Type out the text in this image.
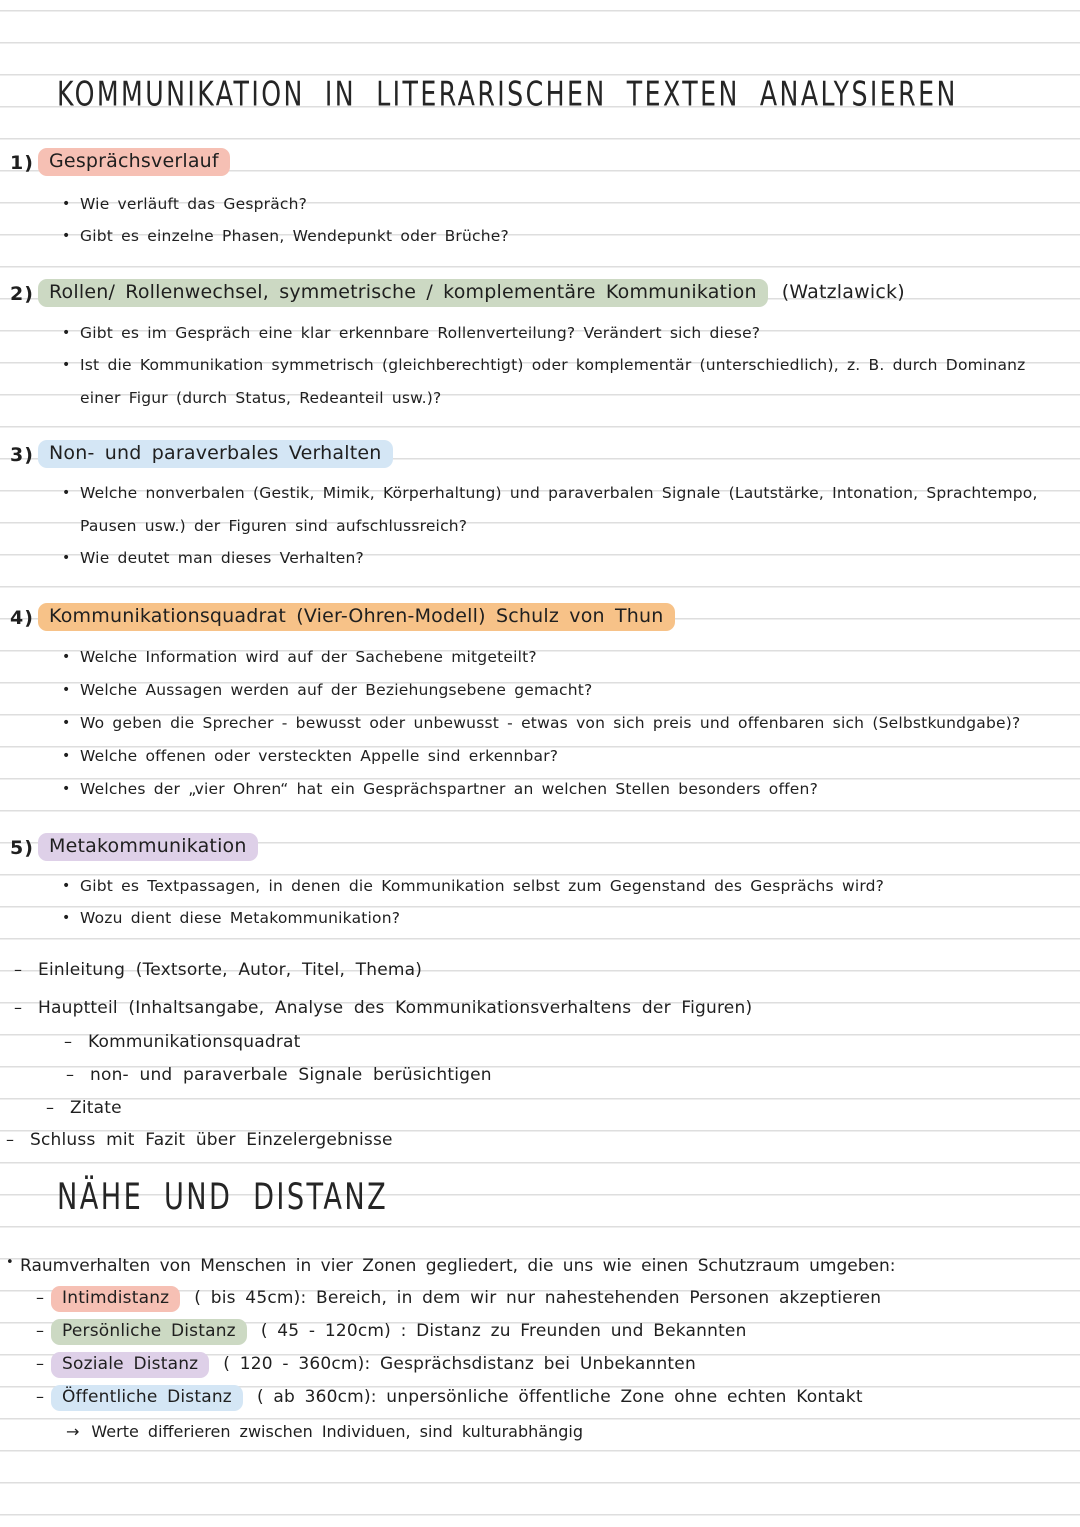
KOMMUNIKATION IN LITERARISCHEN TEXTEN ANALYSIEREN
1) Gesprächsverlauf
• Wie verläuft das Gespräch?
• Gibt es einzelne Phasen, Wendepunkt oder Brüche?
2) Rollen/ Rollenwechsel, symmetrische / komplementäre Kommunikation (Watzlawick)
• Gibt es im Gespräch eine klar erkennbare Rollenverteilung? Verändert sich diese?
• Ist die Kommunikation symmetrisch (gleichberechtigt) oder komplementär (unterschiedlich), z. B. durch Dominanz einer Figur (durch Status, Redeanteil usw.)?
3) Non- und paraverbales Verhalten
• Welche nonverbalen (Gestik, Mimik, Körperhaltung) und paraverbalen Signale (Lautstärke, Intonation, Sprachtempo, Pausen usw.) der Figuren sind aufschlussreich?
• Wie deutet man dieses Verhalten?
4) Kommunikationsquadrat (Vier-Ohren-Modell) Schulz von Thun
• Welche Information wird auf der Sachebene mitgeteilt?
• Welche Aussagen werden auf der Beziehungsebene gemacht?
• Wo geben die Sprecher - bewusst oder unbewusst - etwas von sich preis und offenbaren sich (Selbstkundgabe)?
• Welche offenen oder versteckten Appelle sind erkennbar?
• Welches der „vier Ohren“ hat ein Gesprächspartner an welchen Stellen besonders offen?
5) Metakommunikation
• Gibt es Textpassagen, in denen die Kommunikation selbst zum Gegenstand des Gesprächs wird?
• Wozu dient diese Metakommunikation?
– Einleitung (Textsorte, Autor, Titel, Thema)
– Hauptteil (Inhaltsangabe, Analyse des Kommunikationsverhaltens der Figuren)
– Kommunikationsquadrat
– non- und paraverbale Signale berüsichtigen
– Zitate
– Schluss mit Fazit über Einzelergebnisse
NÄHE UND DISTANZ
• Raumverhalten von Menschen in vier Zonen gegliedert, die uns wie einen Schutzraum umgeben:
– Intimdistanz ( bis 45cm): Bereich, in dem wir nur nahestehenden Personen akzeptieren
– Persönliche Distanz ( 45 - 120cm) : Distanz zu Freunden und Bekannten
– Soziale Distanz ( 120 - 360cm): Gesprächsdistanz bei Unbekannten
– Öffentliche Distanz ( ab 360cm): unpersönliche öffentliche Zone ohne echten Kontakt
→ Werte differieren zwischen Individuen, sind kulturabhängig
